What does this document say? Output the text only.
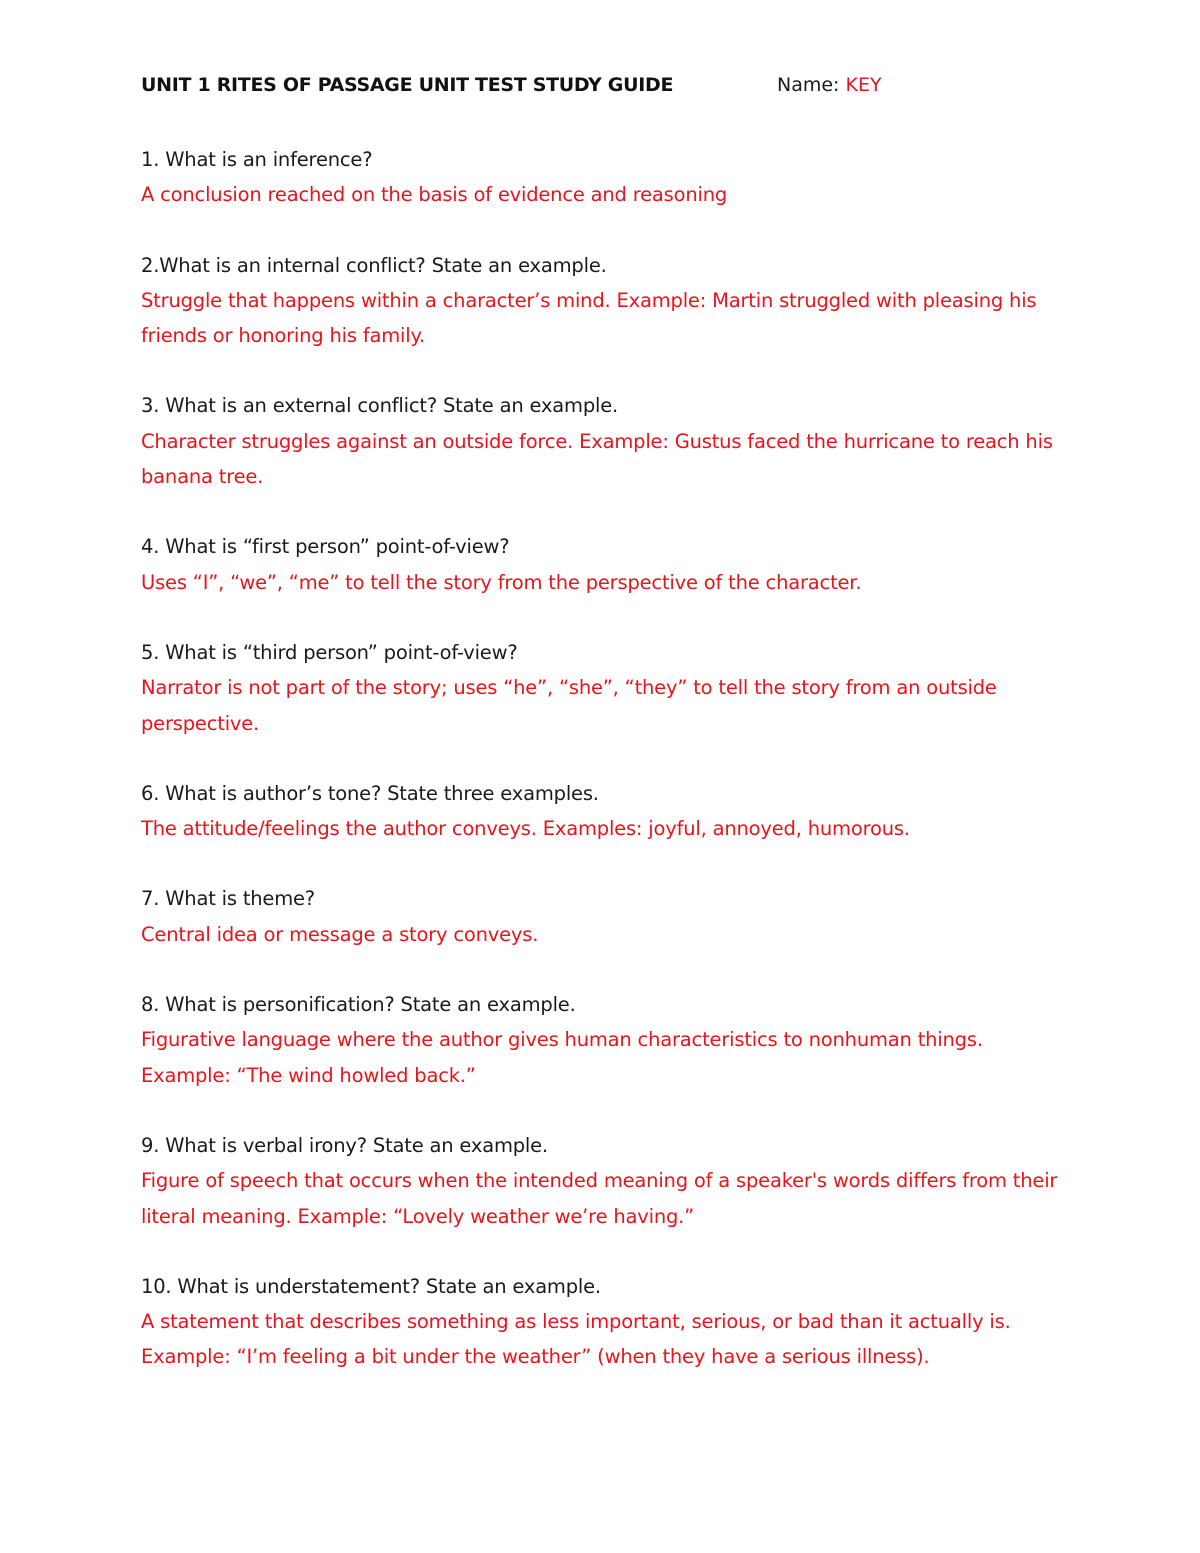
UNIT 1 RITES OF PASSAGE UNIT TEST STUDY GUIDE	Name: KEY

1. What is an inference?

A conclusion reached on the basis of evidence and reasoning

2.What is an internal conflict? State an example.

Struggle that happens within a character’s mind. Example: Martin struggled with pleasing his friends or honoring his family.

3. What is an external conflict? State an example.

Character struggles against an outside force. Example: Gustus faced the hurricane to reach his banana tree.

4. What is “first person” point-of-view?

Uses “I”, “we”, “me” to tell the story from the perspective of the character.

5. What is “third person” point-of-view?

Narrator is not part of the story; uses “he”, “she”, “they” to tell the story from an outside perspective.

6. What is author’s tone? State three examples.

The attitude/feelings the author conveys. Examples: joyful, annoyed, humorous.

7. What is theme?

Central idea or message a story conveys.

8. What is personification? State an example.

Figurative language where the author gives human characteristics to nonhuman things. Example: “The wind howled back.”

9. What is verbal irony? State an example.

Figure of speech that occurs when the intended meaning of a speaker's words differs from their literal meaning. Example: “Lovely weather we’re having.”

10. What is understatement? State an example.

A statement that describes something as less important, serious, or bad than it actually is. Example: “I’m feeling a bit under the weather” (when they have a serious illness).
